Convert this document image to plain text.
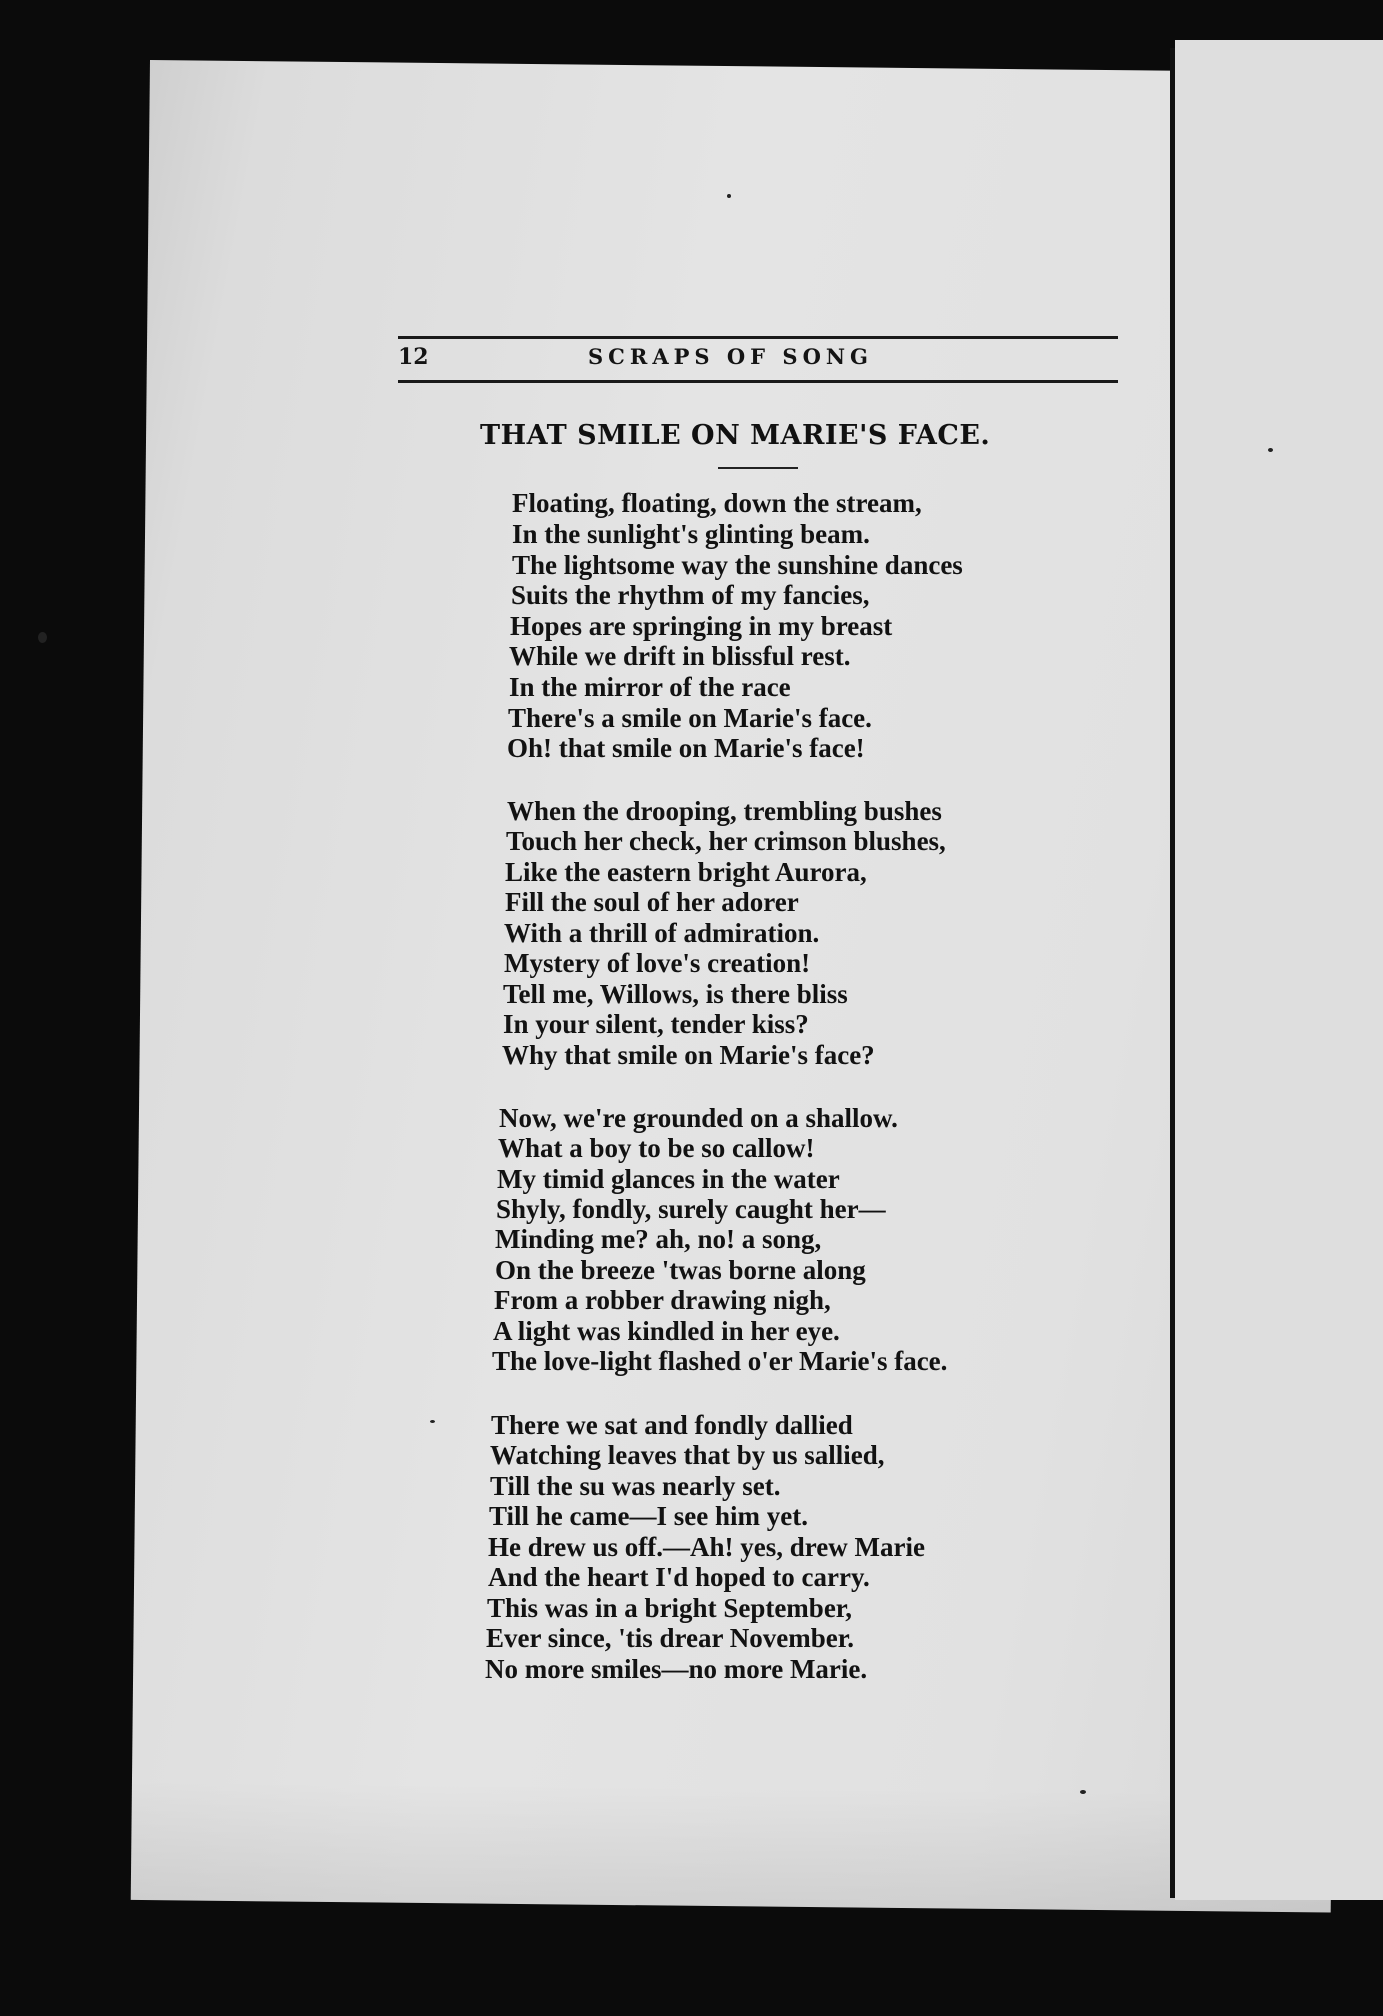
12	SCRAPS OF SONG
THAT SMILE ON MARIE'S FACE.
Floating, floating, down the stream,
In the sunlight's glinting beam.
The lightsome way the sunshine dances
Suits the rhythm of my fancies,
Hopes are springing in my breast
While we drift in blissful rest.
In the mirror of the race
There's a smile on Marie's face.
Oh! that smile on Marie's face!
When the drooping, trembling bushes
Touch her check, her crimson blushes,
Like the eastern bright Aurora,
Fill the soul of her adorer
With a thrill of admiration.
Mystery of love's creation!
Tell me, Willows, is there bliss
In your silent, tender kiss?
Why that smile on Marie's face?
Now, we're grounded on a shallow.
What a boy to be so callow!
My timid glances in the water
Shyly, fondly, surely caught her—
Minding me? ah, no! a song,
On the breeze 'twas borne along
From a robber drawing nigh,
A light was kindled in her eye.
The love-light flashed o'er Marie's face.
There we sat and fondly dallied
Watching leaves that by us sallied,
Till the su was nearly set.
Till he came—I see him yet.
He drew us off.—Ah! yes, drew Marie
And the heart I'd hoped to carry.
This was in a bright September,
Ever since, 'tis drear November.
No more smiles—no more Marie.
